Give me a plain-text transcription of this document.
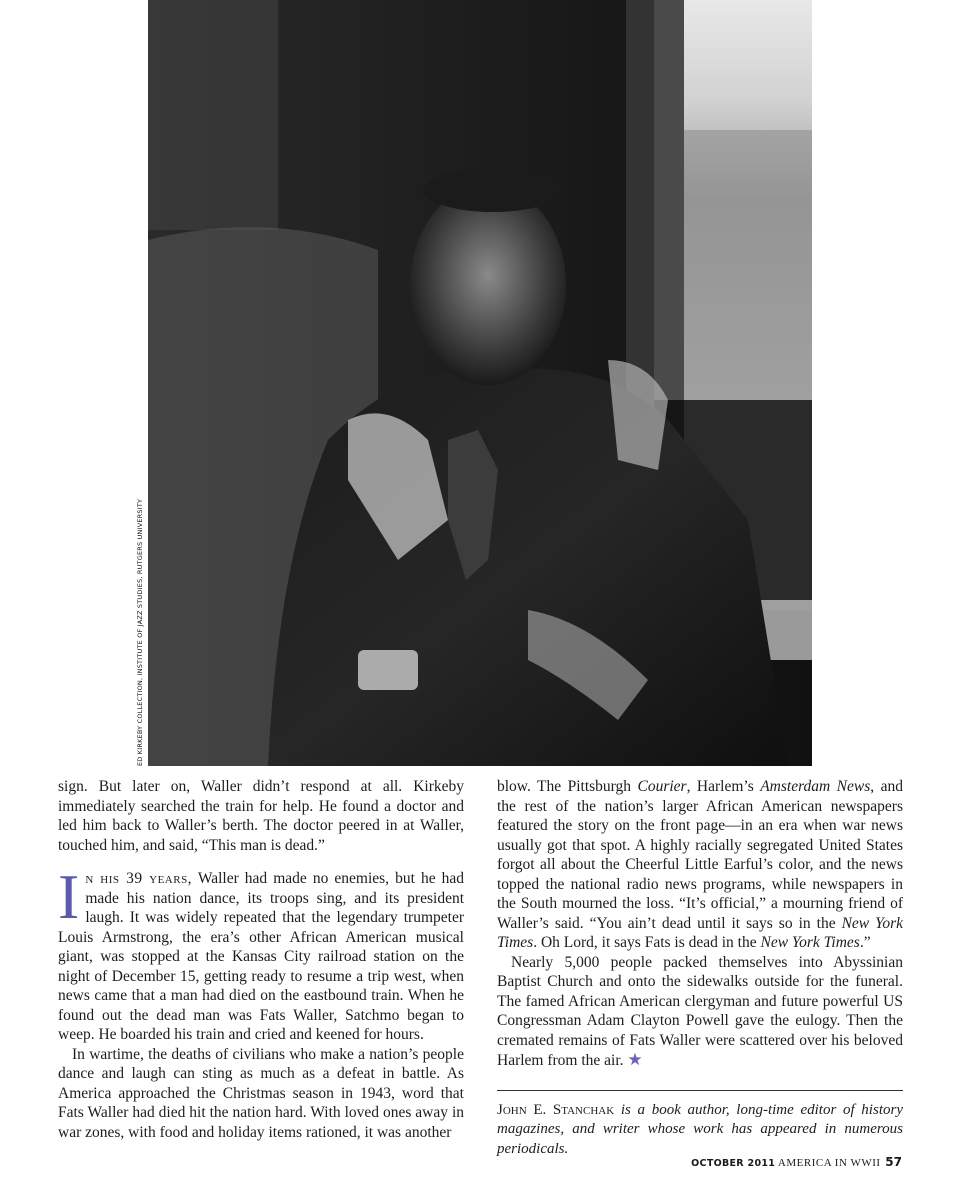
ED KIRKEBY COLLECTION, INSTITUTE OF JAZZ STUDIES, RUTGERS UNIVERSITY

sign. But later on, Waller didn’t respond at all. Kirkeby immediately searched the train for help. He found a doctor and led him back to Waller’s berth. The doctor peered in at Waller, touched him, and said, “This man is dead.”

In his 39 years, Waller had made no enemies, but he had made his nation dance, its troops sing, and its president laugh. It was widely repeated that the legendary trumpeter Louis Armstrong, the era’s other African American musical giant, was stopped at the Kansas City railroad station on the night of December 15, getting ready to resume a trip west, when news came that a man had died on the eastbound train. When he found out the dead man was Fats Waller, Satchmo began to weep. He boarded his train and cried and keened for hours.

In wartime, the deaths of civilians who make a nation’s people dance and laugh can sting as much as a defeat in battle. As America approached the Christmas season in 1943, word that Fats Waller had died hit the nation hard. With loved ones away in war zones, with food and holiday items rationed, it was another

blow. The Pittsburgh Courier, Harlem’s Amsterdam News, and the rest of the nation’s larger African American newspapers featured the story on the front page—in an era when war news usually got that spot. A highly racially segregated United States forgot all about the Cheerful Little Earful’s color, and the news topped the national radio news programs, while newspapers in the South mourned the loss. “It’s official,” a mourning friend of Waller’s said. “You ain’t dead until it says so in the New York Times. Oh Lord, it says Fats is dead in the New York Times.”

Nearly 5,000 people packed themselves into Abyssinian Baptist Church and onto the sidewalks outside for the funeral. The famed African American clergyman and future powerful US Congressman Adam Clayton Powell gave the eulogy. Then the cremated remains of Fats Waller were scattered over his beloved Harlem from the air. ★

John E. Stanchak is a book author, long-time editor of history magazines, and writer whose work has appeared in numerous periodicals.

OCTOBER 2011 AMERICA IN WWII 57
